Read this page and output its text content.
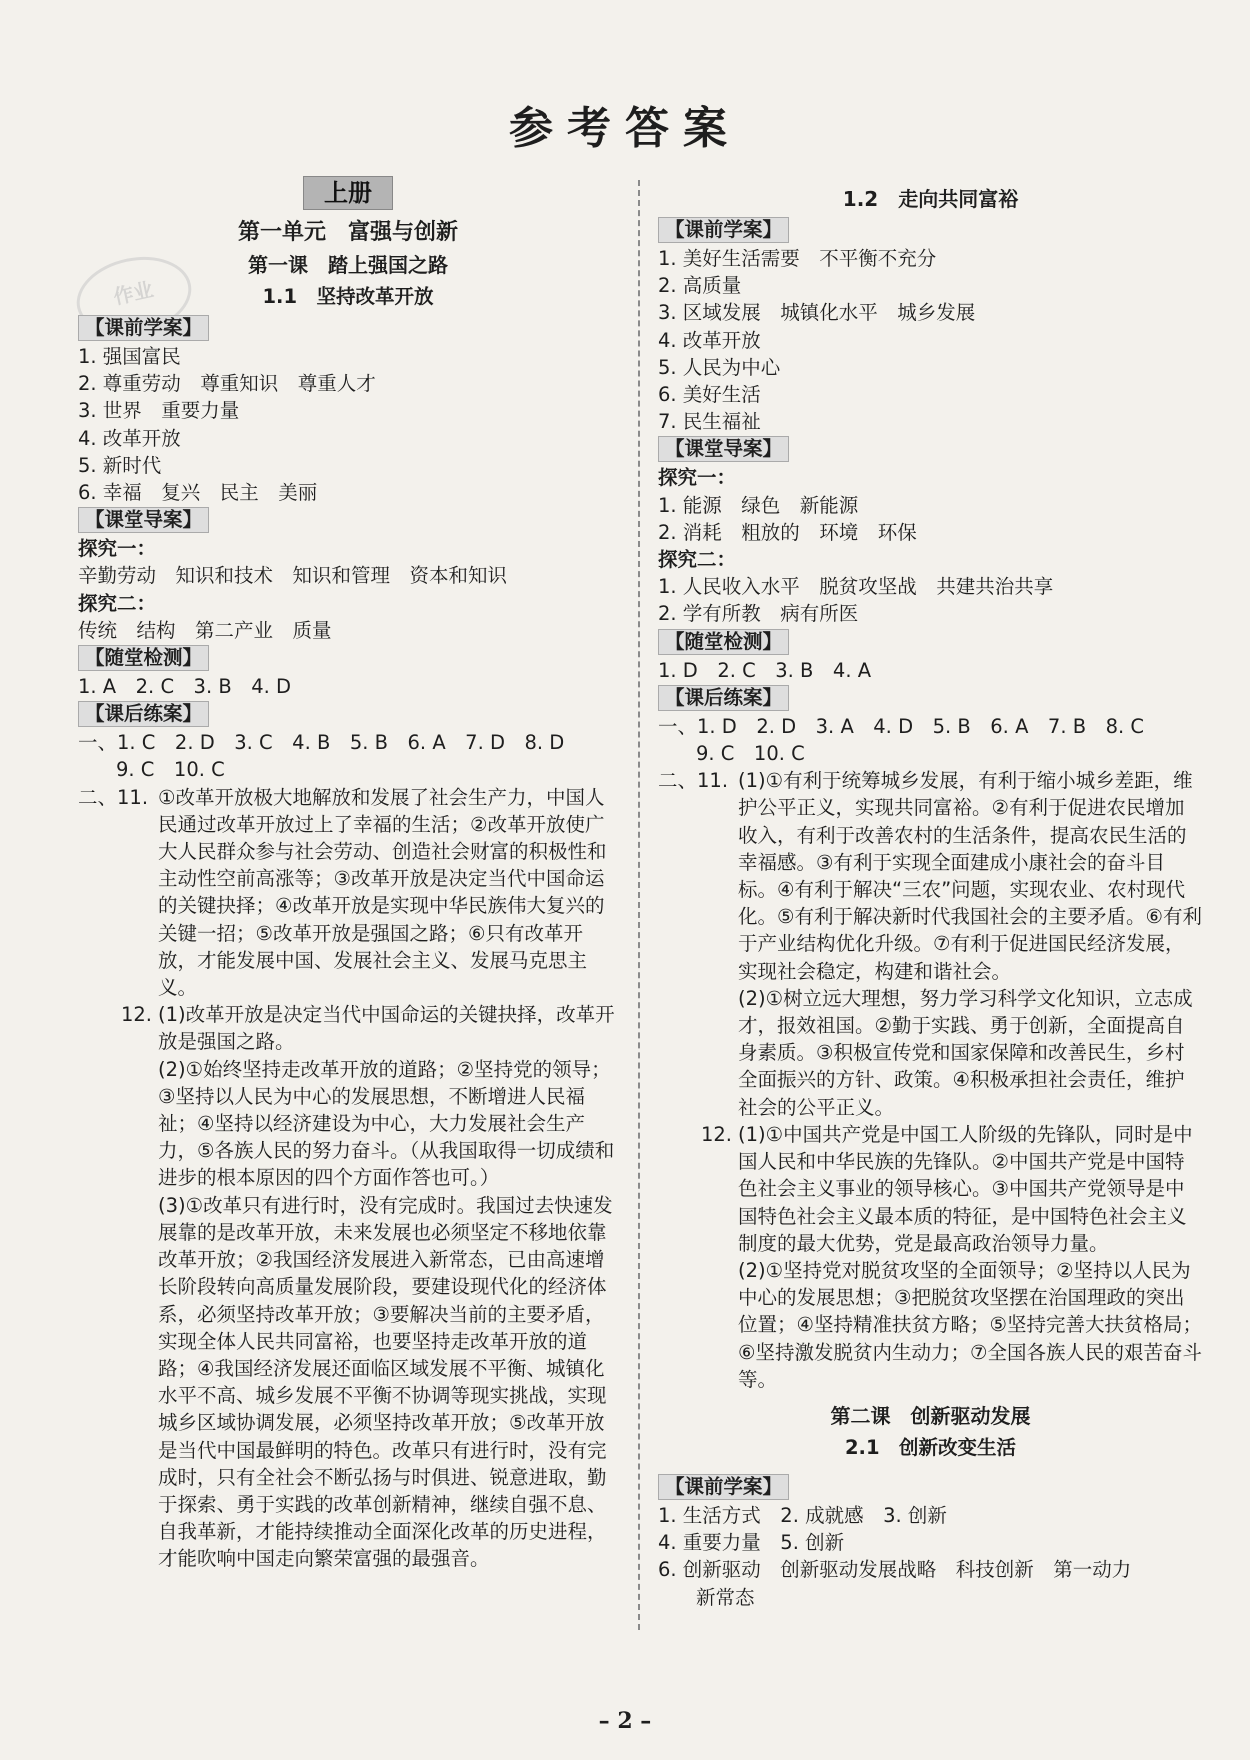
参考答案
作业
上册
第一单元　富强与创新
第一课　踏上强国之路
1.1　坚持改革开放
【课前学案】
1. 强国富民
2. 尊重劳动　尊重知识　尊重人才
3. 世界　重要力量
4. 改革开放
5. 新时代
6. 幸福　复兴　民主　美丽
【课堂导案】
探究一：
辛勤劳动　知识和技术　知识和管理　资本和知识
探究二：
传统　结构　第二产业　质量
【随堂检测】
1. A　2. C　3. B　4. D
【课后练案】
一、1. C　2. D　3. C　4. B　5. B　6. A　7. D　8. D
9. C　10. C
二、11. ①改革开放极大地解放和发展了社会生产力，中国人民通过改革开放过上了幸福的生活；②改革开放使广大人民群众参与社会劳动、创造社会财富的积极性和主动性空前高涨等；③改革开放是决定当代中国命运的关键抉择；④改革开放是实现中华民族伟大复兴的关键一招；⑤改革开放是强国之路；⑥只有改革开放，才能发展中国、发展社会主义、发展马克思主义。
12. (1)改革开放是决定当代中国命运的关键抉择，改革开放是强国之路。

(2)①始终坚持走改革开放的道路；②坚持党的领导；③坚持以人民为中心的发展思想，不断增进人民福祉；④坚持以经济建设为中心，大力发展社会生产力，⑤各族人民的努力奋斗。（从我国取得一切成绩和进步的根本原因的四个方面作答也可。）

(3)①改革只有进行时，没有完成时。我国过去快速发展靠的是改革开放，未来发展也必须坚定不移地依靠改革开放；②我国经济发展进入新常态，已由高速增长阶段转向高质量发展阶段，要建设现代化的经济体系，必须坚持改革开放；③要解决当前的主要矛盾，实现全体人民共同富裕，也要坚持走改革开放的道路；④我国经济发展还面临区域发展不平衡、城镇化水平不高、城乡发展不平衡不协调等现实挑战，实现城乡区域协调发展，必须坚持改革开放；⑤改革开放是当代中国最鲜明的特色。改革只有进行时，没有完成时，只有全社会不断弘扬与时俱进、锐意进取，勤于探索、勇于实践的改革创新精神，继续自强不息、自我革新，才能持续推动全面深化改革的历史进程，才能吹响中国走向繁荣富强的最强音。

1.2　走向共同富裕
【课前学案】
1. 美好生活需要　不平衡不充分
2. 高质量
3. 区域发展　城镇化水平　城乡发展
4. 改革开放
5. 人民为中心
6. 美好生活
7. 民生福祉
【课堂导案】
探究一：
1. 能源　绿色　新能源
2. 消耗　粗放的　环境　环保
探究二：
1. 人民收入水平　脱贫攻坚战　共建共治共享
2. 学有所教　病有所医
【随堂检测】
1. D　2. C　3. B　4. A
【课后练案】
一、1. D　2. D　3. A　4. D　5. B　6. A　7. B　8. C
9. C　10. C
二、11. (1)①有利于统筹城乡发展，有利于缩小城乡差距，维护公平正义，实现共同富裕。②有利于促进农民增加收入，有利于改善农村的生活条件，提高农民生活的幸福感。③有利于实现全面建成小康社会的奋斗目标。④有利于解决“三农”问题，实现农业、农村现代化。⑤有利于解决新时代我国社会的主要矛盾。⑥有利于产业结构优化升级。⑦有利于促进国民经济发展，实现社会稳定，构建和谐社会。

(2)①树立远大理想，努力学习科学文化知识，立志成才，报效祖国。②勤于实践、勇于创新，全面提高自身素质。③积极宣传党和国家保障和改善民生，乡村全面振兴的方针、政策。④积极承担社会责任，维护社会的公平正义。

12. (1)①中国共产党是中国工人阶级的先锋队，同时是中国人民和中华民族的先锋队。②中国共产党是中国特色社会主义事业的领导核心。③中国共产党领导是中国特色社会主义最本质的特征，是中国特色社会主义制度的最大优势，党是最高政治领导力量。

(2)①坚持党对脱贫攻坚的全面领导；②坚持以人民为中心的发展思想；③把脱贫攻坚摆在治国理政的突出位置；④坚持精准扶贫方略；⑤坚持完善大扶贫格局；⑥坚持激发脱贫内生动力；⑦全国各族人民的艰苦奋斗等。

第二课　创新驱动发展
2.1　创新改变生活
【课前学案】
1. 生活方式　2. 成就感　3. 创新
4. 重要力量　5. 创新
6. 创新驱动　创新驱动发展战略　科技创新　第一动力
新常态
– 2 –
